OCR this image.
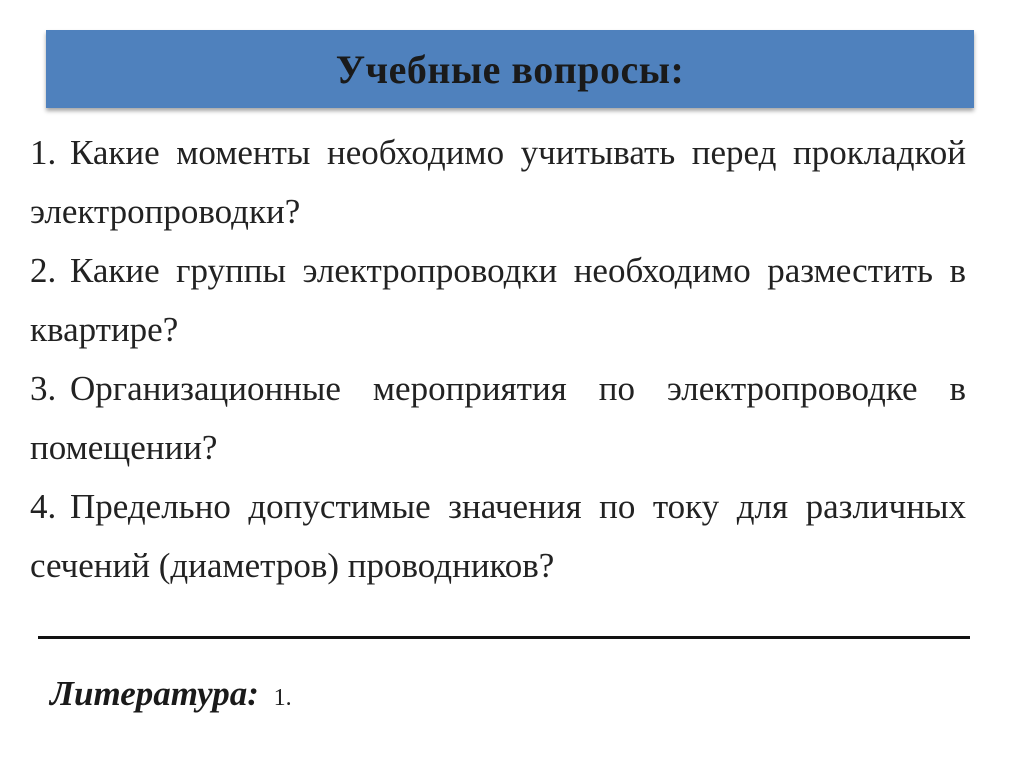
Учебные вопросы:
1. Какие моменты необходимо учитывать перед прокладкой электропроводки?
2. Какие группы электропроводки необходимо разместить в квартире?
3. Организационные мероприятия по электропроводке в помещении?
4. Предельно допустимые значения по току для различных сечений (диаметров) проводников?
Литература: 1.
